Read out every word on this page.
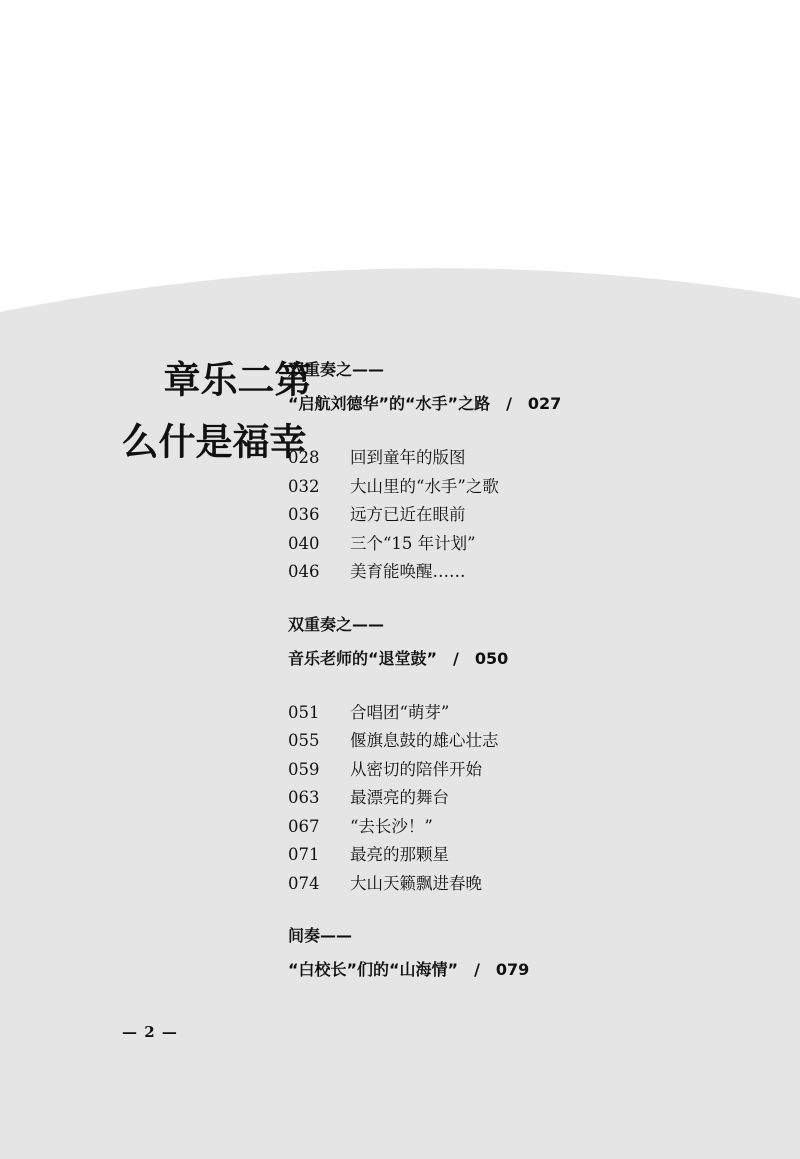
第二乐章
幸福是什么
双重奏之——
“启航刘德华”的“水手”之路　/　027
028	回到童年的版图
032	大山里的“水手”之歌
036	远方已近在眼前
040	三个“15 年计划”
046	美育能唤醒……
双重奏之——
音乐老师的“退堂鼓”　/　050
051	合唱团“萌芽”
055	偃旗息鼓的雄心壮志
059	从密切的陪伴开始
063	最漂亮的舞台
067	“去长沙！”
071	最亮的那颗星
074	大山天籁飘进春晚
间奏——
“白校长”们的“山海情”　/　079
— 2 —
